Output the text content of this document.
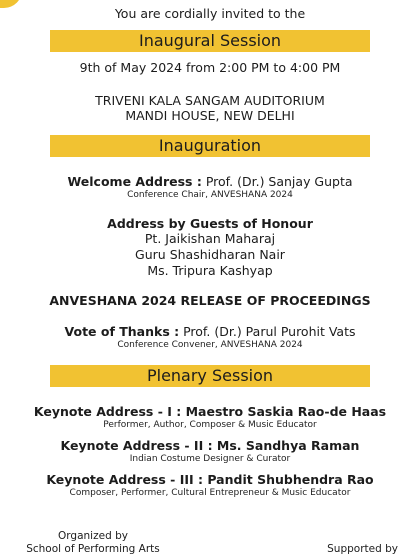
You are cordially invited to the
Inaugural Session
9th of May 2024 from 2:00 PM to 4:00 PM
TRIVENI KALA SANGAM AUDITORIUM
MANDI HOUSE, NEW DELHI
Inauguration
Welcome Address : Prof. (Dr.) Sanjay Gupta
Conference Chair, ANVESHANA 2024
Address by Guests of Honour
Pt. Jaikishan Maharaj
Guru Shashidharan Nair
Ms. Tripura Kashyap
ANVESHANA 2024 RELEASE OF PROCEEDINGS
Vote of Thanks : Prof. (Dr.) Parul Purohit Vats
Conference Convener, ANVESHANA 2024
Plenary Session
Keynote Address - I : Maestro Saskia Rao-de Haas
Performer, Author, Composer & Music Educator
Keynote Address - II : Ms. Sandhya Raman
Indian Costume Designer & Curator
Keynote Address - III : Pandit Shubhendra Rao
Composer, Performer, Cultural Entrepreneur & Music Educator
Organized by
School of Performing Arts	Supported by
